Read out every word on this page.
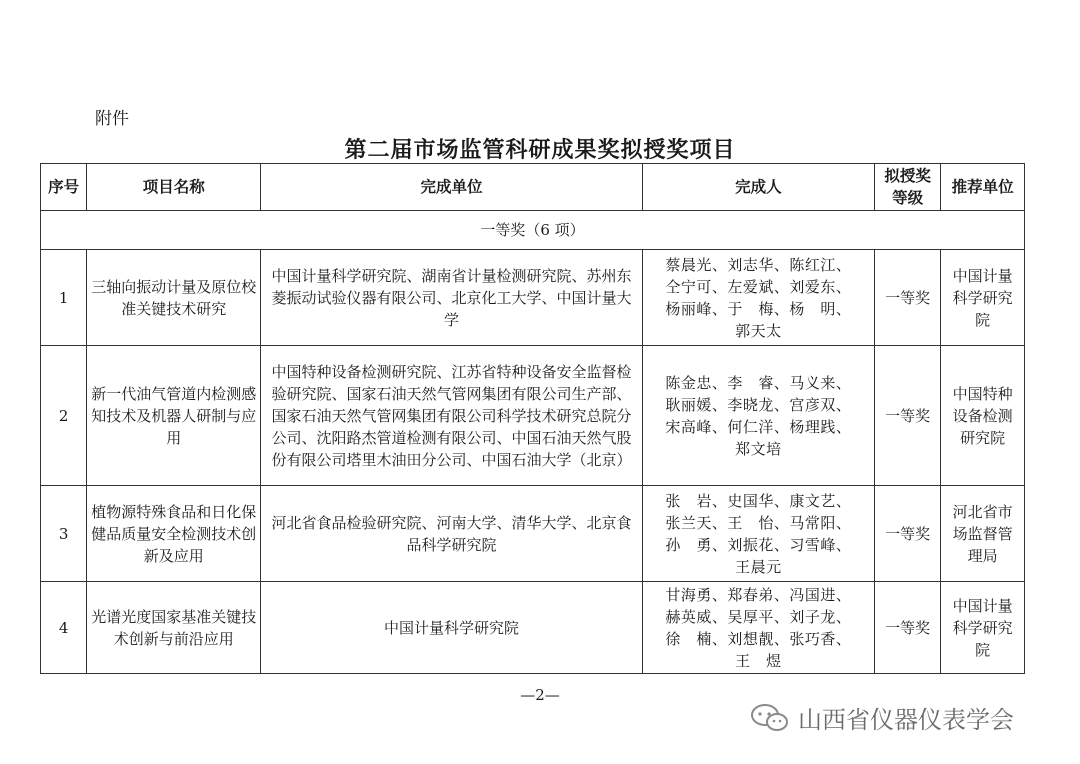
附件
第二届市场监管科研成果奖拟授奖项目
序号	项目名称	完成单位	完成人	拟授奖等级	推荐单位
一等奖（6 项）					
1	三轴向振动计量及原位校准关键技术研究	中国计量科学研究院、湖南省计量检测研究院、苏州东菱振动试验仪器有限公司、北京化工大学、中国计量大学	蔡晨光、刘志华、陈红江、
仝宁可、左爱斌、刘爱东、
杨丽峰、于　梅、杨　明、
郭天太	一等奖	中国计量科学研究院
2	新一代油气管道内检测感知技术及机器人研制与应用	中国特种设备检测研究院、江苏省特种设备安全监督检验研究院、国家石油天然气管网集团有限公司生产部、国家石油天然气管网集团有限公司科学技术研究总院分公司、沈阳路杰管道检测有限公司、中国石油天然气股份有限公司塔里木油田分公司、中国石油大学（北京）	陈金忠、李　睿、马义来、
耿丽媛、李晓龙、宫彦双、
宋高峰、何仁洋、杨理践、
郑文培	一等奖	中国特种设备检测研究院
3	植物源特殊食品和日化保健品质量安全检测技术创新及应用	河北省食品检验研究院、河南大学、清华大学、北京食品科学研究院	张　岩、史国华、康文艺、
张兰天、王　怡、马常阳、
孙　勇、刘振花、习雪峰、
王晨元	一等奖	河北省市场监督管理局
4	光谱光度国家基准关键技术创新与前沿应用	中国计量科学研究院	甘海勇、郑春弟、冯国进、
赫英威、吴厚平、刘子龙、
徐　楠、刘想靓、张巧香、
王　煜	一等奖	中国计量科学研究院
—2—
山西省仪器仪表学会
